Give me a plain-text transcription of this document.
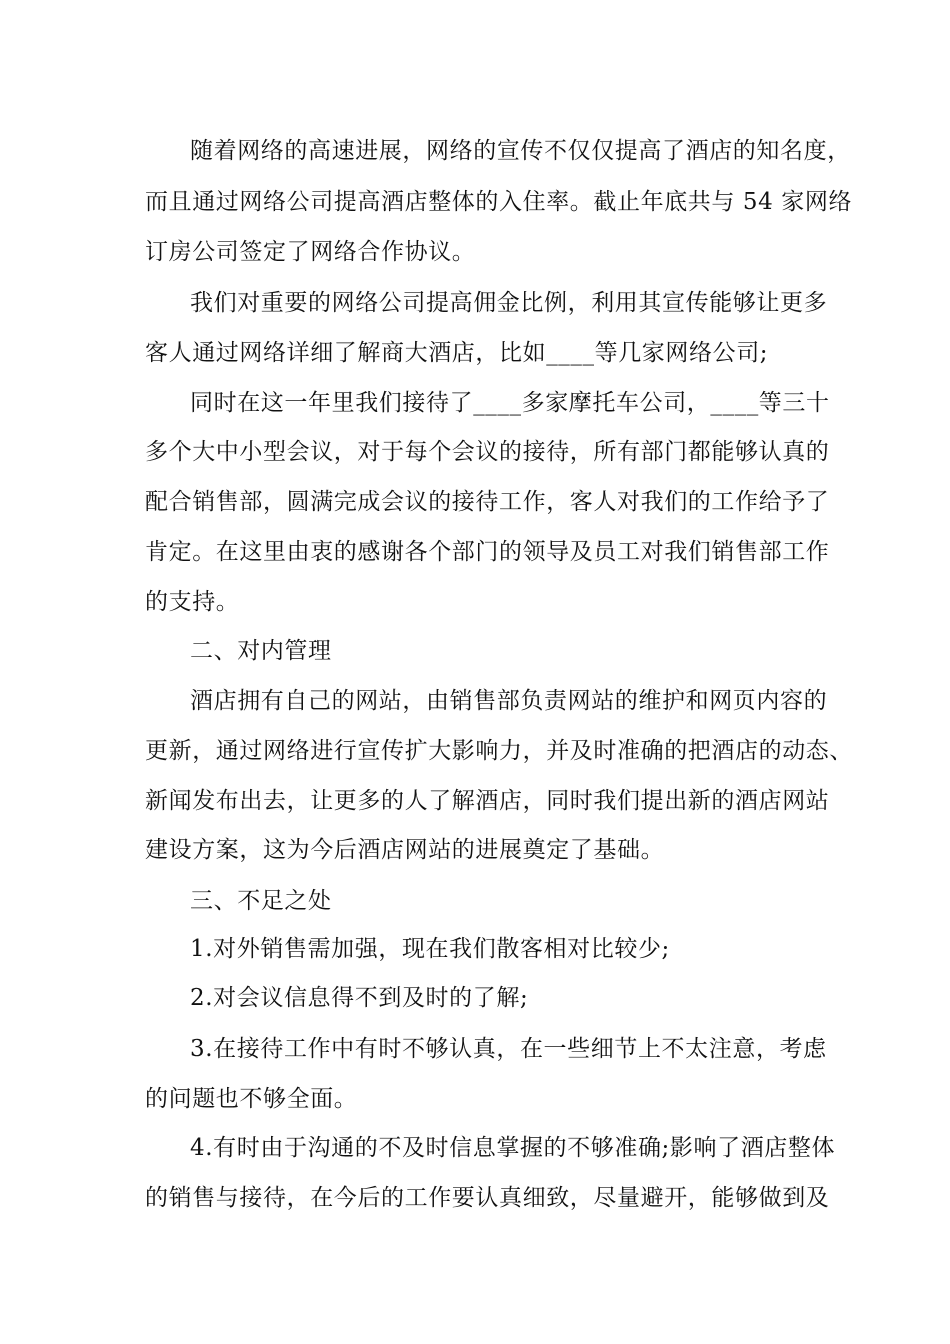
随着网络的高速进展，网络的宣传不仅仅提高了酒店的知名度，
而且通过网络公司提高酒店整体的入住率。截止年底共与 54 家网络
订房公司签定了网络合作协议。
我们对重要的网络公司提高佣金比例，利用其宣传能够让更多
客人通过网络详细了解商大酒店，比如____等几家网络公司;
同时在这一年里我们接待了____多家摩托车公司，____等三十
多个大中小型会议，对于每个会议的接待，所有部门都能够认真的
配合销售部，圆满完成会议的接待工作，客人对我们的工作给予了
肯定。在这里由衷的感谢各个部门的领导及员工对我们销售部工作
的支持。
二、对内管理
酒店拥有自己的网站，由销售部负责网站的维护和网页内容的
更新，通过网络进行宣传扩大影响力，并及时准确的把酒店的动态、
新闻发布出去，让更多的人了解酒店，同时我们提出新的酒店网站
建设方案，这为今后酒店网站的进展奠定了基础。
三、不足之处
1.对外销售需加强，现在我们散客相对比较少;
2.对会议信息得不到及时的了解;
3.在接待工作中有时不够认真，在一些细节上不太注意，考虑
的问题也不够全面。
4.有时由于沟通的不及时信息掌握的不够准确;影响了酒店整体
的销售与接待，在今后的工作要认真细致，尽量避开，能够做到及
